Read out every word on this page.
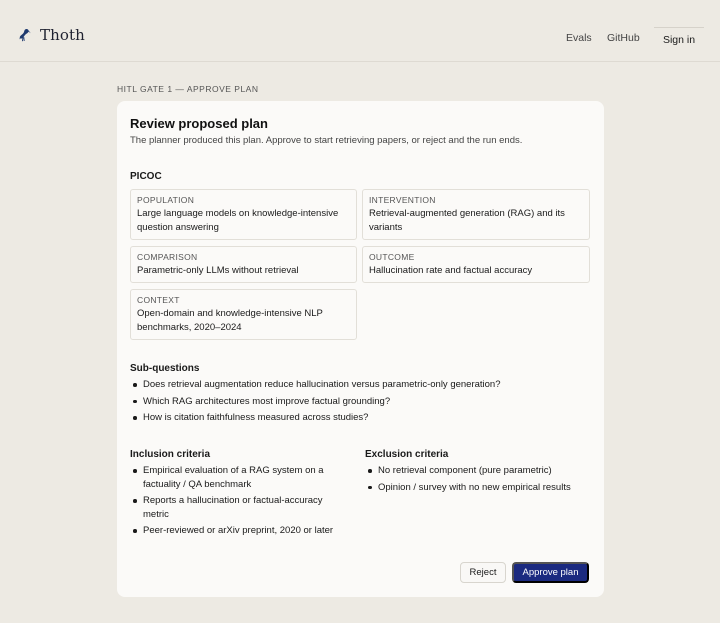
Thoth	Evals GitHub	Sign in
HITL GATE 1 — APPROVE PLAN
Review proposed plan
The planner produced this plan. Approve to start retrieving papers, or reject and the run ends.
PICOC
POPULATION
Large language models on knowledge-intensive question answering
INTERVENTION
Retrieval-augmented generation (RAG) and its variants
COMPARISON
Parametric-only LLMs without retrieval
OUTCOME
Hallucination rate and factual accuracy
CONTEXT
Open-domain and knowledge-intensive NLP benchmarks, 2020–2024
Sub-questions
Does retrieval augmentation reduce hallucination versus parametric-only generation?
Which RAG architectures most improve factual grounding?
How is citation faithfulness measured across studies?
Inclusion criteria
Empirical evaluation of a RAG system on a factuality / QA benchmark
Reports a hallucination or factual-accuracy metric
Peer-reviewed or arXiv preprint, 2020 or later
Exclusion criteria
No retrieval component (pure parametric)
Opinion / survey with no new empirical results
Reject	Approve plan
